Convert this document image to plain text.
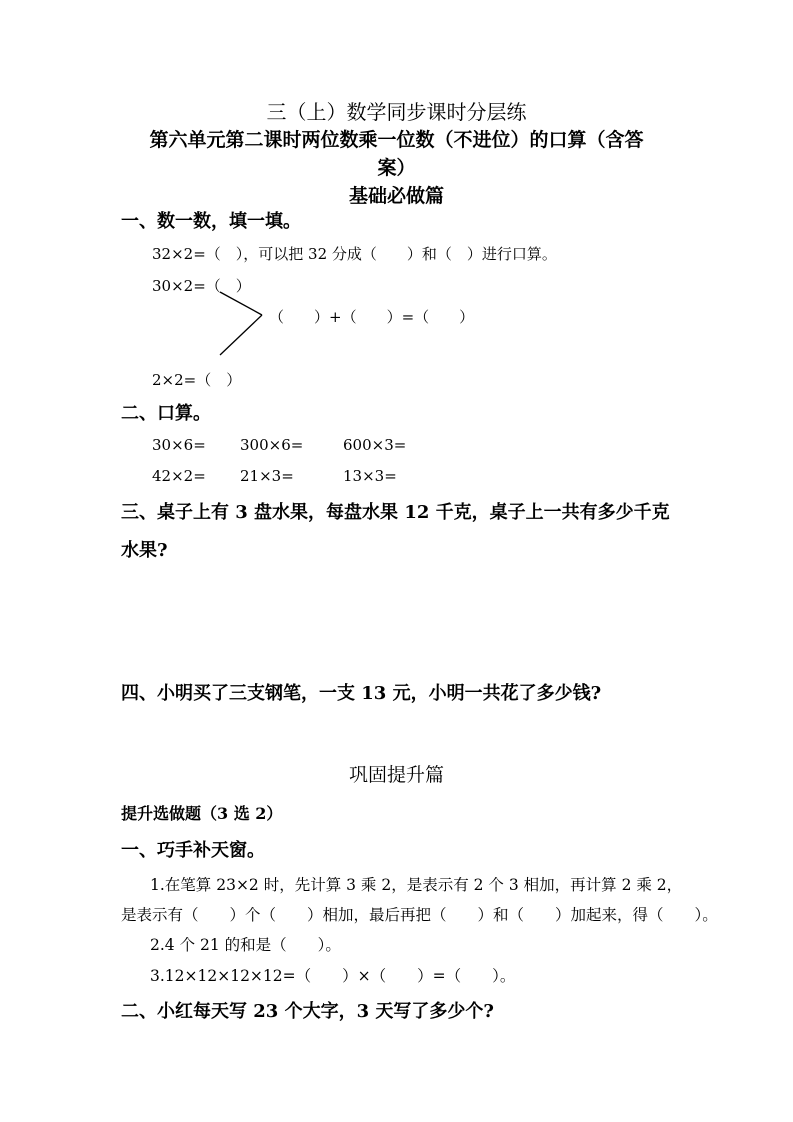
三（上）数学同步课时分层练
第六单元第二课时两位数乘一位数（不进位）的口算（含答
案）
基础必做篇
一、数一数，填一填。
32×2=（　），可以把 32 分成（　　）和（　）进行口算。
30×2=（　）
（　　）+（　　）=（　　）
2×2=（　）
二、口算。
30×6= 300×6=	600×3=
42×2= 21×3=	13×3=
三、桌子上有 3 盘水果，每盘水果 12 千克，桌子上一共有多少千克
水果?
四、小明买了三支钢笔，一支 13 元，小明一共花了多少钱?
巩固提升篇
提升选做题（3 选 2）
一、巧手补天窗。
1.在笔算 23×2 时，先计算 3 乘 2，是表示有 2 个 3 相加，再计算 2 乘 2，
是表示有（　　）个（　　）相加，最后再把（　　）和（　　）加起来，得（　　）。
2.4 个 21 的和是（　　）。
3.12×12×12×12=（　　）×（　　）=（　　）。
二、小红每天写 23 个大字，3 天写了多少个?
